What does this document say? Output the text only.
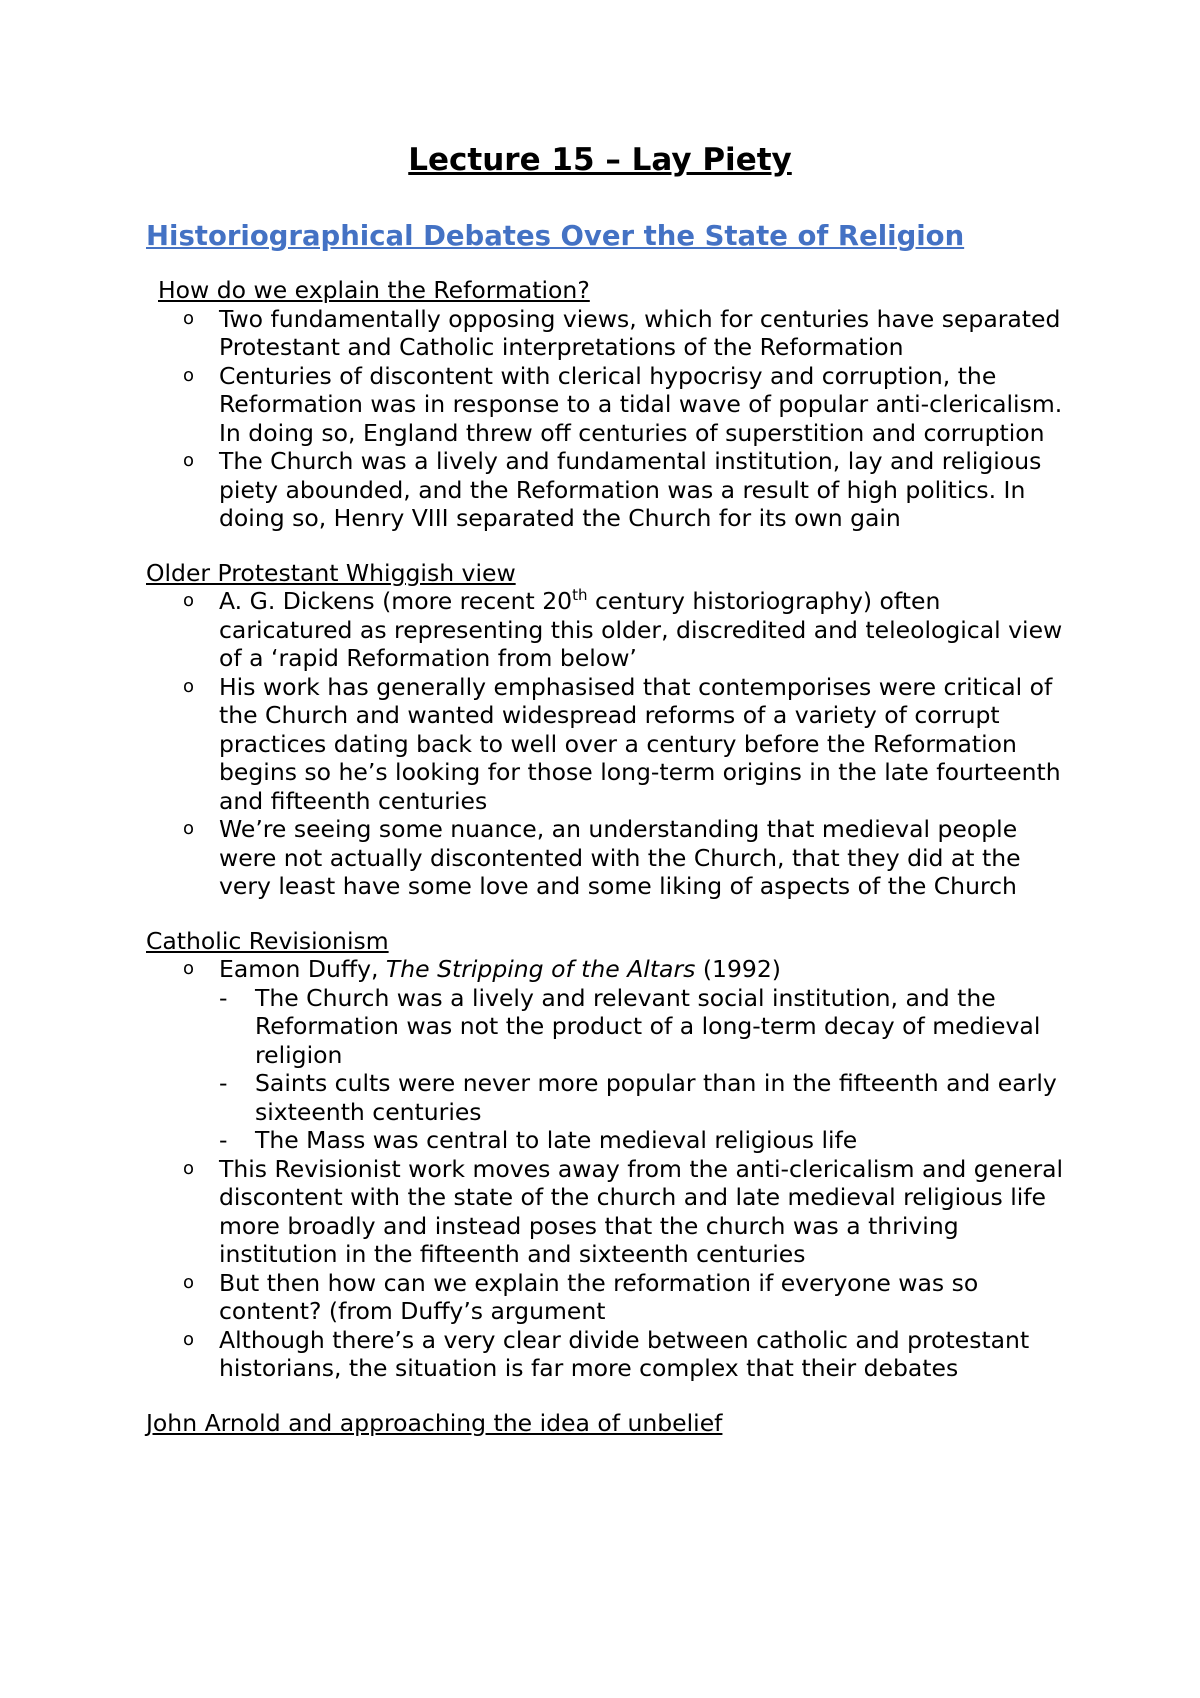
Lecture 15 – Lay Piety
Historiographical Debates Over the State of Religion
How do we explain the Reformation?
o Two fundamentally opposing views, which for centuries have separated Protestant and Catholic interpretations of the Reformation
o Centuries of discontent with clerical hypocrisy and corruption, the Reformation was in response to a tidal wave of popular anti-clericalism. In doing so, England threw off centuries of superstition and corruption
o The Church was a lively and fundamental institution, lay and religious piety abounded, and the Reformation was a result of high politics. In doing so, Henry VIII separated the Church for its own gain
Older Protestant Whiggish view
o A. G. Dickens (more recent 20th century historiography) often caricatured as representing this older, discredited and teleological view of a ‘rapid Reformation from below’
o His work has generally emphasised that contemporises were critical of the Church and wanted widespread reforms of a variety of corrupt practices dating back to well over a century before the Reformation begins so he’s looking for those long-term origins in the late fourteenth and fifteenth centuries
o We’re seeing some nuance, an understanding that medieval people were not actually discontented with the Church, that they did at the very least have some love and some liking of aspects of the Church
Catholic Revisionism
o Eamon Duffy, The Stripping of the Altars (1992)
- The Church was a lively and relevant social institution, and the Reformation was not the product of a long-term decay of medieval religion
- Saints cults were never more popular than in the fifteenth and early sixteenth centuries
- The Mass was central to late medieval religious life
o This Revisionist work moves away from the anti-clericalism and general discontent with the state of the church and late medieval religious life more broadly and instead poses that the church was a thriving institution in the fifteenth and sixteenth centuries
o But then how can we explain the reformation if everyone was so content? (from Duffy’s argument
o Although there’s a very clear divide between catholic and protestant historians, the situation is far more complex that their debates
John Arnold and approaching the idea of unbelief
